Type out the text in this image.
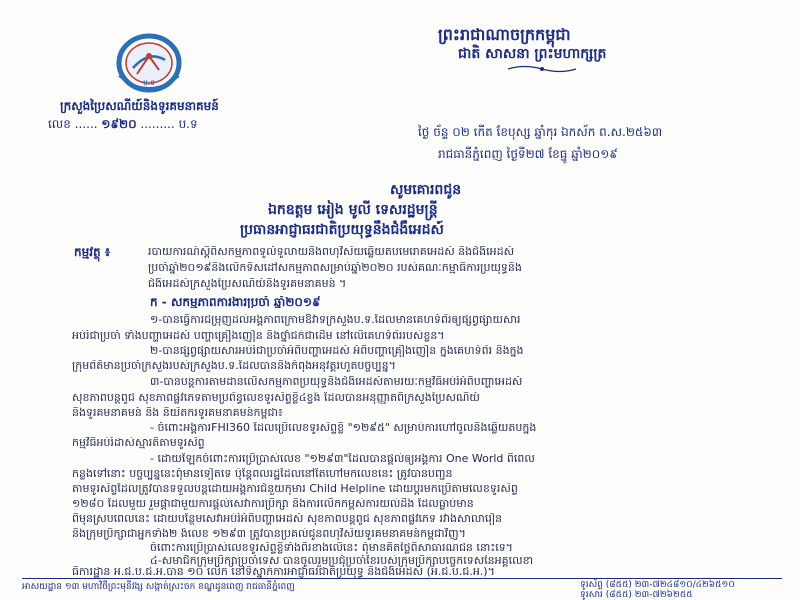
ប.ទ
ក្រសួងប្រៃសណីយ៍និងទូរគមនាគមន៍
លេខ ...... ១៩២០ ......... ប.ទ
ព្រះរាជាណាចក្រកម្ពុជា
ជាតិ សាសនា ព្រះមហាក្សត្រ
ថ្ងៃ ច័ន្ទ ០២ កើត ខែបុស្ស ឆ្នាំកុរ ឯកស័ក ព.ស.២៥៦៣
រាជធានីភ្នំពេញ ថ្ងៃទី២៧ ខែធ្នូ ឆ្នាំ២០១៩
សូមគោរពជូន
ឯកឧត្តម អៀង មូលី ទេសរដ្ឋមន្ត្រី
ប្រធានអាជ្ញាធរជាតិប្រយុទ្ធនឹងជំងឺអេដស៍
កម្មវត្ថុ ៖	របាយការណ៍ស្តីពីសកម្មភាពទូលំទូលាយនិងពហុវិស័យឆ្លើយតបមេរោគអេដស៍ និងជំងឺអេដស៍
ប្រចាំឆ្នាំ២០១៩និងលើកទិសដៅសកម្មភាពសម្រាប់ឆ្នាំ២០២០ របស់គណៈកម្មាធិការប្រយុទ្ធនឹង
ជំងឺអេដស៍ក្រសួងប្រៃសណីយ៍និងទូរគមនាគមន៍ ។
ក - សកម្មភាពការងារប្រចាំ ឆ្នាំ២០១៩
១-បានធ្វើការជម្រុញដល់អង្គភាពក្រោមឱវាទក្រសួងប.ទ.ដែលមានគេហទំព័រឲ្យផ្សព្វផ្សាយសារ
អប់រំជាប្រចាំ ទាំងបញ្ហាអេដស៍ បញ្ហាគ្រឿងញៀន និងថ្នាំជក់ជាដើម នៅលើគេហទំព័ររបស់ខ្លួន។
២-បានផ្សព្វផ្សាយសារអប់រំជាប្រចាំអំពីបញ្ហាអេដស៍ អំពីបញ្ហាគ្រឿងញៀន ក្នុងគេហទំព័រ និងក្នុង
ក្រុមព័ត៌មានប្រចាំក្រសួងរបស់ក្រសួងប.ទ.ដែលបាននិងកំពុងអនុវត្តរហូតបច្ចុប្បន្ន។
៣-បានបន្តការតាមដានលើសកម្មភាពប្រយុទ្ធនឹងជំងឺអេដស៍តាមរយៈកម្មវិធីអប់រំអំពីបញ្ហាអេដស៍
សុខភាពបន្តពូជ សុខភាពផ្លូវភេទតាមប្រព័ន្ធលេខទូរស័ព្ទខ្លី៤ខ្ទង់ ដែលបានអនុញ្ញាតពីក្រសួងប្រៃសណីយ៍
និងទូរគមនាគមន៍ និង និយ័តករទូរគមនាគមន៍កម្ពុជា៖
- ចំពោះអង្គការFHI360 ដែលប្រើលេខទូរស័ព្ទខ្លី "១២៩៥" សម្រាប់ការហៅចូលនិងឆ្លើយតបក្នុង
កម្មវិធីអប់រំដាស់ស្មារតីតាមទូរស័ព្ទ
- ដោយឡែកចំពោះការប្រើប្រាស់លេខ "១២៩៣"ដែលបានផ្តល់ឲ្យអង្គការ One World ពីពេល
កន្លងទៅនោះ បច្ចុប្បន្ននេះពុំមានទៀតទេ ប៉ុន្តែពលរដ្ឋដែលនៅតែហៅមកលេខនេះ ត្រូវបានបញ្ជូន
តាមទូរស័ព្ទដែលត្រូវបានទទួលបន្តដោយអង្គការជំនួយកុមារ Child Helpline ដោយប្តូរមកប្រើតាមលេខទូរស័ព្ទ
១២៨០ ដែលមួយ រួមផ្តាជាមួយការផ្តល់សេវាការប្រឹក្សា និងការលើកកម្ពស់ការយល់ដឹង ដែលធ្លាប់មាន
ពីមុនស្របពេលនេះ ដោយបន្ថែមសេវាអប់រំអំពីបញ្ហាអេដស៍ សុខភាពបន្តពូជ សុខភាពផ្លូវភេទ រវាងសាលារៀន
និងក្រុមប្រឹក្សាជាអ្នកទាំង២ ងំលេខ ១២៩៣ ត្រូវបានប្រគល់ជូនពហុវិស័យទូរគមនាគមន៍កម្ពុជាវិញ។
ចំពោះការប្រើប្រាស់លេខទូរស័ព្ទខ្លីទាំងពីរខាងលើនេះ ពុំមានគិតថ្លៃពីសាធារណជន នោះទេ។
៤-សមាជិកក្រុមប្រឹក្សាប្រចាំទេស បានចូលរួមប្រជុំប្រចាំខែរបស់ក្រុមប្រឹក្សាបច្ចេកទេសនៃអគ្គលេខា
ធិការដ្ឋាន អ.ជ.ប.ជ.អ.បាន ១០ លើក នៅទីស្នាក់ការអាជ្ញាធរជាតិប្រយុទ្ធ និងជំងឺអេដស៍ (អ.ជ.ប.ជ.អ.)។
អាសយដ្ឋាន ១៣ មហាវិថីព្រះមុនីវង្ស សង្កាត់ស្រះចក ខណ្ឌដូនពេញ រាជធានីភ្នំពេញ	ទូរស័ព្ទ (៨៥៥) ២៣-៧២៤៨១០/៤២៦៥១០
ទូរសារ (៨៥៥) ២៣-៧២៦២៥៥
